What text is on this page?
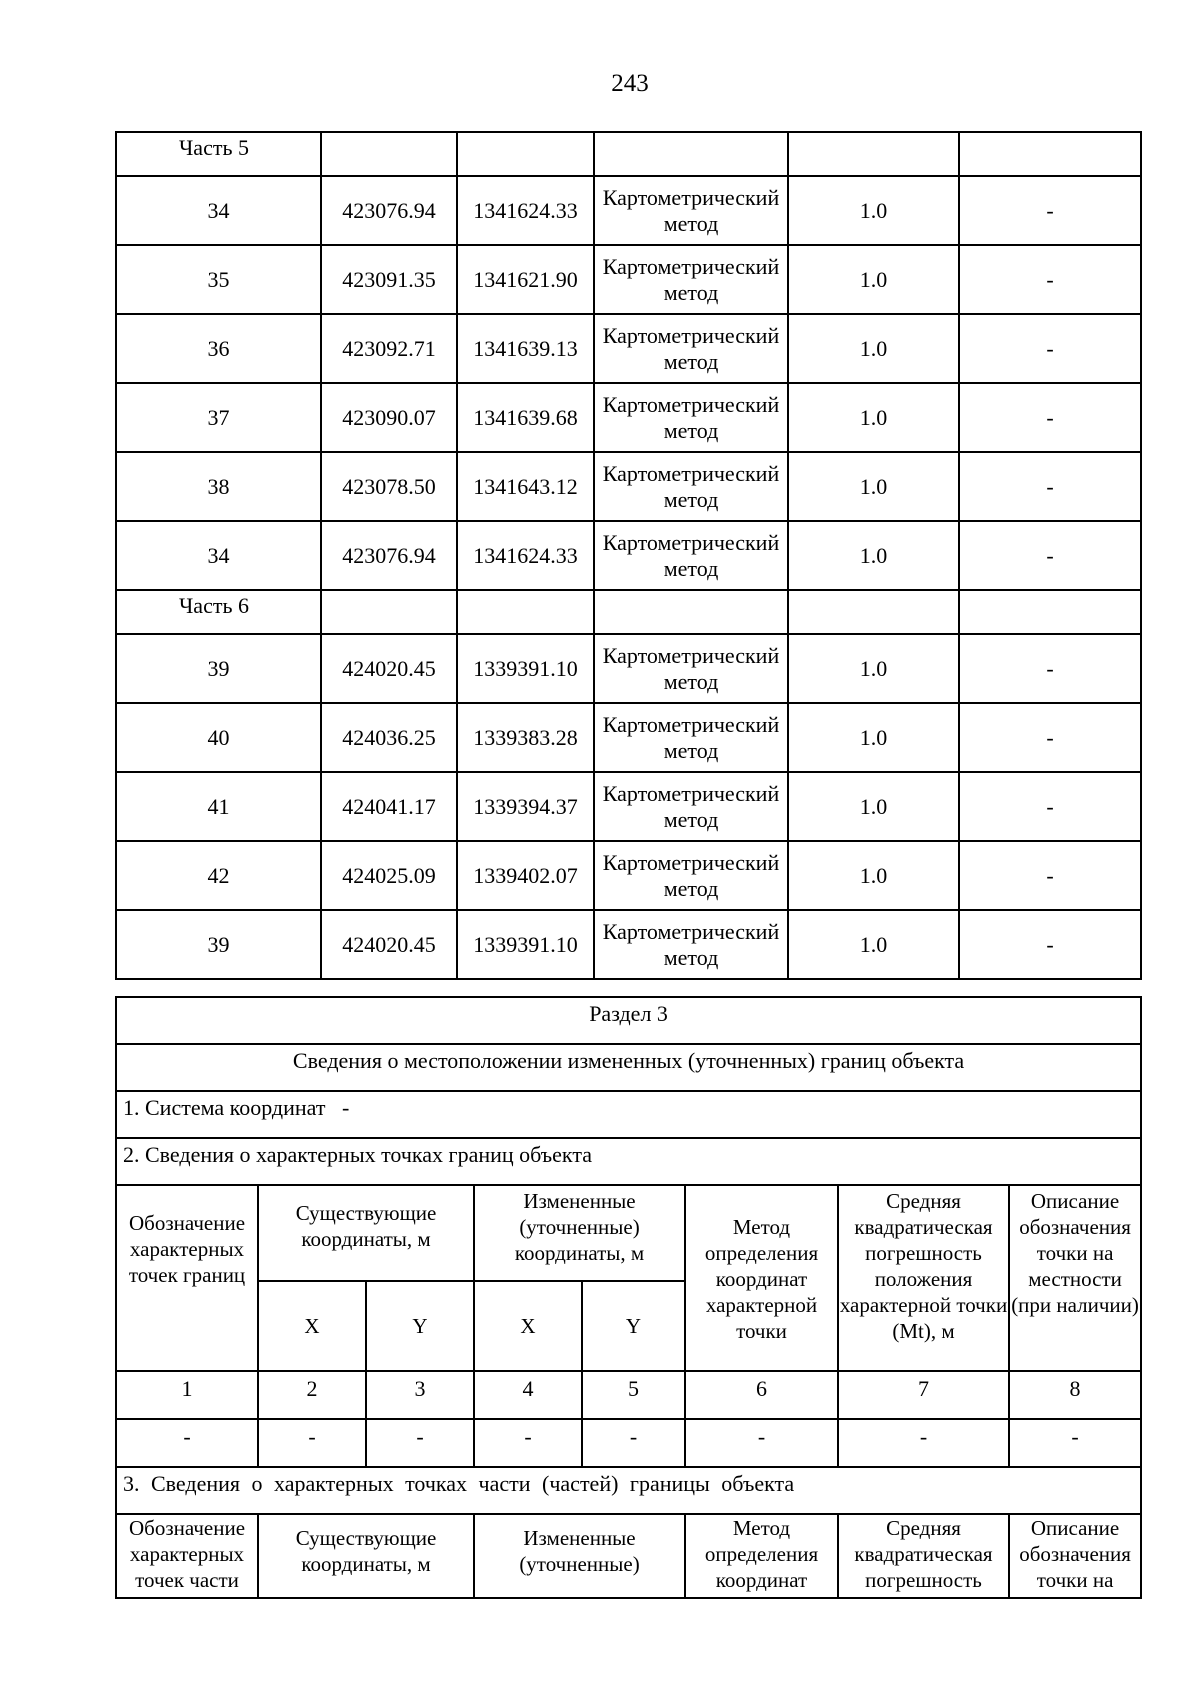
243
Часть 5					
34	423076.94	1341624.33	Картометрический метод	1.0	-
35	423091.35	1341621.90	Картометрический метод	1.0	-
36	423092.71	1341639.13	Картометрический метод	1.0	-
37	423090.07	1341639.68	Картометрический метод	1.0	-
38	423078.50	1341643.12	Картометрический метод	1.0	-
34	423076.94	1341624.33	Картометрический метод	1.0	-
Часть 6					
39	424020.45	1339391.10	Картометрический метод	1.0	-
40	424036.25	1339383.28	Картометрический метод	1.0	-
41	424041.17	1339394.37	Картометрический метод	1.0	-
42	424025.09	1339402.07	Картометрический метод	1.0	-
39	424020.45	1339391.10	Картометрический метод	1.0	-
Раздел 3							
Сведения о местоположении измененных (уточненных) границ объекта							
1. Система координат   -							
2. Сведения о характерных точках границ объекта							
Обозначение характерных точек границ	Существующие координаты, м		Измененные (уточненные) координаты, м		Метод определения координат характерной точки	Средняя квадратическая погрешность положения характерной точки (Mt), м	Описание обозначения точки на местности (при наличии)
	X	Y	X	Y			
1	2	3	4	5	6	7	8
-	-	-	-	-	-	-	-
3. Сведения о характерных точках части (частей) границы объекта							
Обозначение характерных точек части	Существующие координаты, м		Измененные (уточненные)		Метод определения координат	Средняя квадратическая погрешность	Описание обозначения точки на
